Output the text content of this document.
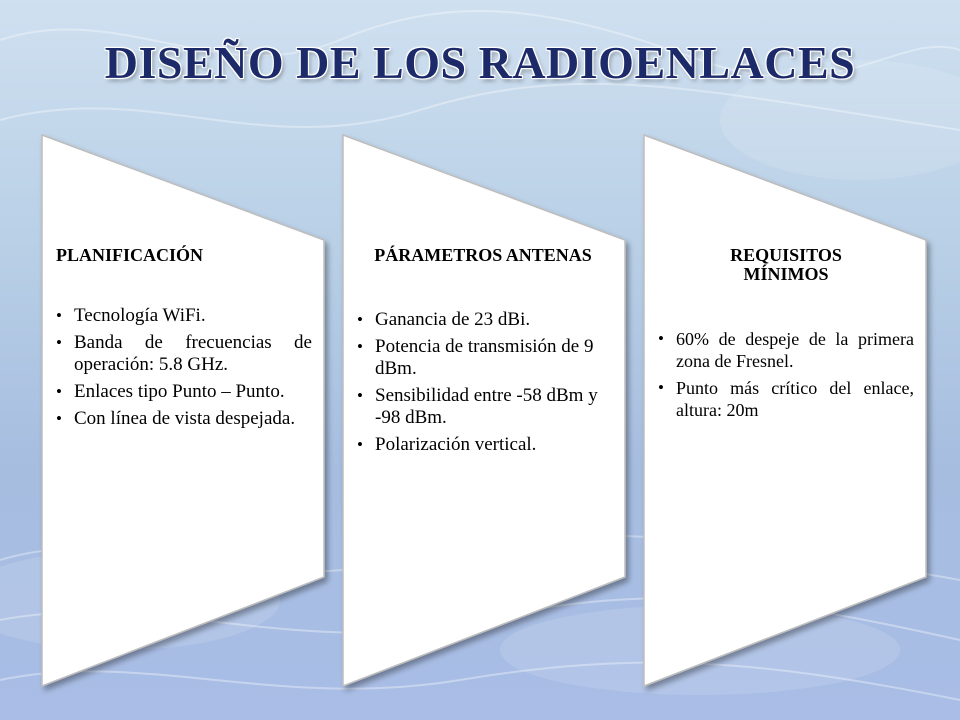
DISEÑO DE LOS RADIOENLACES
PLANIFICACIÓN
• Tecnología WiFi.
• Banda de frecuencias de operación: 5.8 GHz.
• Enlaces tipo Punto – Punto.
• Con línea de vista despejada.
PÁRAMETROS ANTENAS
• Ganancia de 23 dBi.
• Potencia de transmisión de 9 dBm.
• Sensibilidad entre -58 dBm y -98 dBm.
• Polarización vertical.
REQUISITOS MÍNIMOS
• 60% de despeje de la primera zona de Fresnel.
• Punto más crítico del enlace, altura: 20m
